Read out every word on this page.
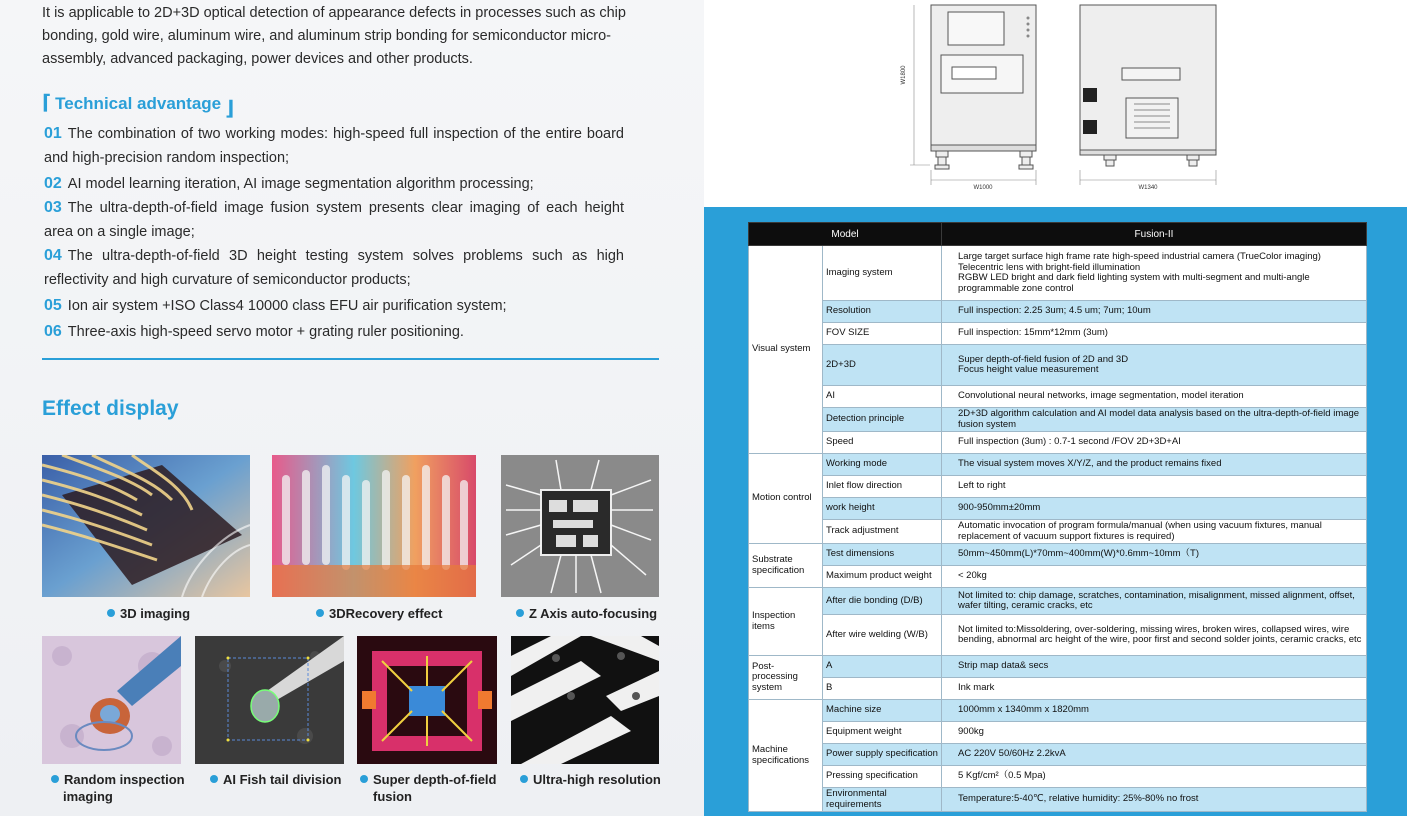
It is applicable to 2D+3D optical detection of appearance defects in processes such as chip bonding, gold wire, aluminum wire, and aluminum strip bonding for semiconductor micro-assembly, advanced packaging, power devices and other products.
⌈ Technical advantage ⌋
01 The combination of two working modes: high-speed full inspection of the entire board and high-precision random inspection;
02 AI model learning iteration, AI image segmentation algorithm processing;
03 The ultra-depth-of-field image fusion system presents clear imaging of each height area on a single image;
04 The ultra-depth-of-field 3D height testing system solves problems such as high reflectivity and high curvature of semiconductor products;
05 Ion air system +ISO Class4 10000 class EFU air purification system;
06 Three-axis high-speed servo motor + grating ruler positioning.
Effect display
3D imaging	3DRecovery effect	Z Axis auto-focusing
Random inspection
imaging
AI Fish tail division	Super depth-of-field
fusion
Ultra-high resolution
W1000
W1800
W1340
Model		Fusion-II
Visual system	Imaging system	Large target surface high frame rate high-speed industrial camera (TrueColor imaging)
Telecentric lens with bright-field illumination
RGBW LED bright and dark field lighting system with multi-segment and multi-angle programmable zone control

	Resolution	Full inspection: 2.25 3um; 4.5 um; 7um; 10um
	FOV SIZE	Full inspection: 15mm*12mm (3um)
	2D+3D	Super depth-of-field fusion of 2D and 3D
Focus height value measurement

	AI	Convolutional neural networks, image segmentation, model iteration
	Detection principle	2D+3D algorithm calculation and AI model data analysis based on the ultra-depth-of-field image fusion system
	Speed	Full inspection (3um) : 0.7-1 second /FOV 2D+3D+AI
Motion control	Working mode	The visual system moves X/Y/Z, and the product remains fixed
	Inlet flow direction	Left to right
	work height	900-950mm±20mm
	Track adjustment	Automatic invocation of program formula/manual (when using vacuum fixtures, manual replacement of vacuum support fixtures is required)
Substrate specification	Test dimensions	50mm~450mm(L)*70mm~400mm(W)*0.6mm~10mm（T)
	Maximum product weight	< 20kg
Inspection items	After die bonding (D/B)	Not limited to: chip damage, scratches, contamination, misalignment, missed alignment, offset, wafer tilting, ceramic cracks, etc
	After wire welding (W/B)	Not limited to:Missoldering, over-soldering, missing wires, broken wires, collapsed wires, wire bending, abnormal arc height of the wire, poor first and second solder joints, ceramic cracks, etc
Post-processing system	A	Strip map data& secs
	B	Ink mark
Machine specifications	Machine size	1000mm x 1340mm x 1820mm
	Equipment weight	900kg
	Power supply specification	AC 220V 50/60Hz 2.2kvA
	Pressing specification	5 Kgf/cm²（0.5 Mpa)
	Environmental requirements	Temperature:5-40℃, relative humidity: 25%-80% no frost
